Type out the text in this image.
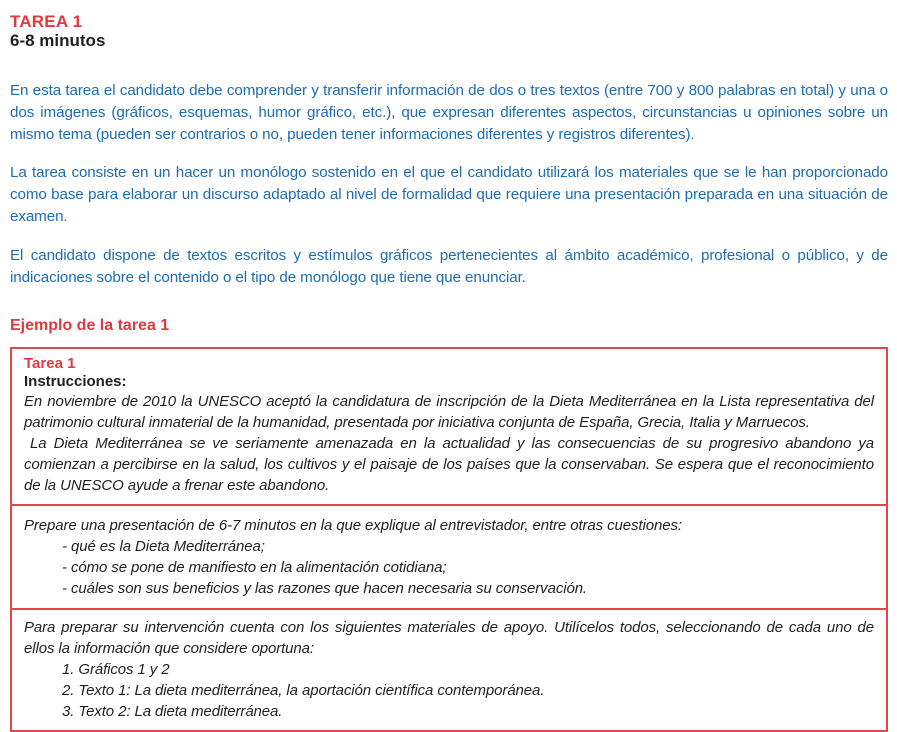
TAREA 1
6-8 minutos

En esta tarea el candidato debe comprender y transferir información de dos o tres textos (entre 700 y 800 palabras en total) y una o dos imágenes (gráficos, esquemas, humor gráfico, etc.), que expresan diferentes aspectos, circunstancias u opiniones sobre un mismo tema (pueden ser contrarios o no, pueden tener informaciones diferentes y registros diferentes).

La tarea consiste en un hacer un monólogo sostenido en el que el candidato utilizará los materiales que se le han proporcionado como base para elaborar un discurso adaptado al nivel de formalidad que requiere una presentación preparada en una situación de examen.

El candidato dispone de textos escritos y estímulos gráficos pertenecientes al ámbito académico, profesional o público, y de indicaciones sobre el contenido o el tipo de monólogo que tiene que enunciar.

Ejemplo de la tarea 1

Tarea 1

Instrucciones:

En noviembre de 2010 la UNESCO aceptó la candidatura de inscripción de la Dieta Mediterránea en la Lista representativa del patrimonio cultural inmaterial de la humanidad, presentada por iniciativa conjunta de España, Grecia, Italia y Marruecos.

La Dieta Mediterránea se ve seriamente amenazada en la actualidad y las consecuencias de su progresivo abandono ya comienzan a percibirse en la salud, los cultivos y el paisaje de los países que la conservaban. Se espera que el reconocimiento de la UNESCO ayude a frenar este abandono.

Prepare una presentación de 6-7 minutos en la que explique al entrevistador, entre otras cuestiones:

- qué es la Dieta Mediterránea;

- cómo se pone de manifiesto en la alimentación cotidiana;

- cuáles son sus beneficios y las razones que hacen necesaria su conservación.

Para preparar su intervención cuenta con los siguientes materiales de apoyo. Utilícelos todos, seleccionando de cada uno de ellos la información que considere oportuna:

1. Gráficos 1 y 2

2. Texto 1: La dieta mediterránea, la aportación científica contemporánea.

3. Texto 2: La dieta mediterránea.
